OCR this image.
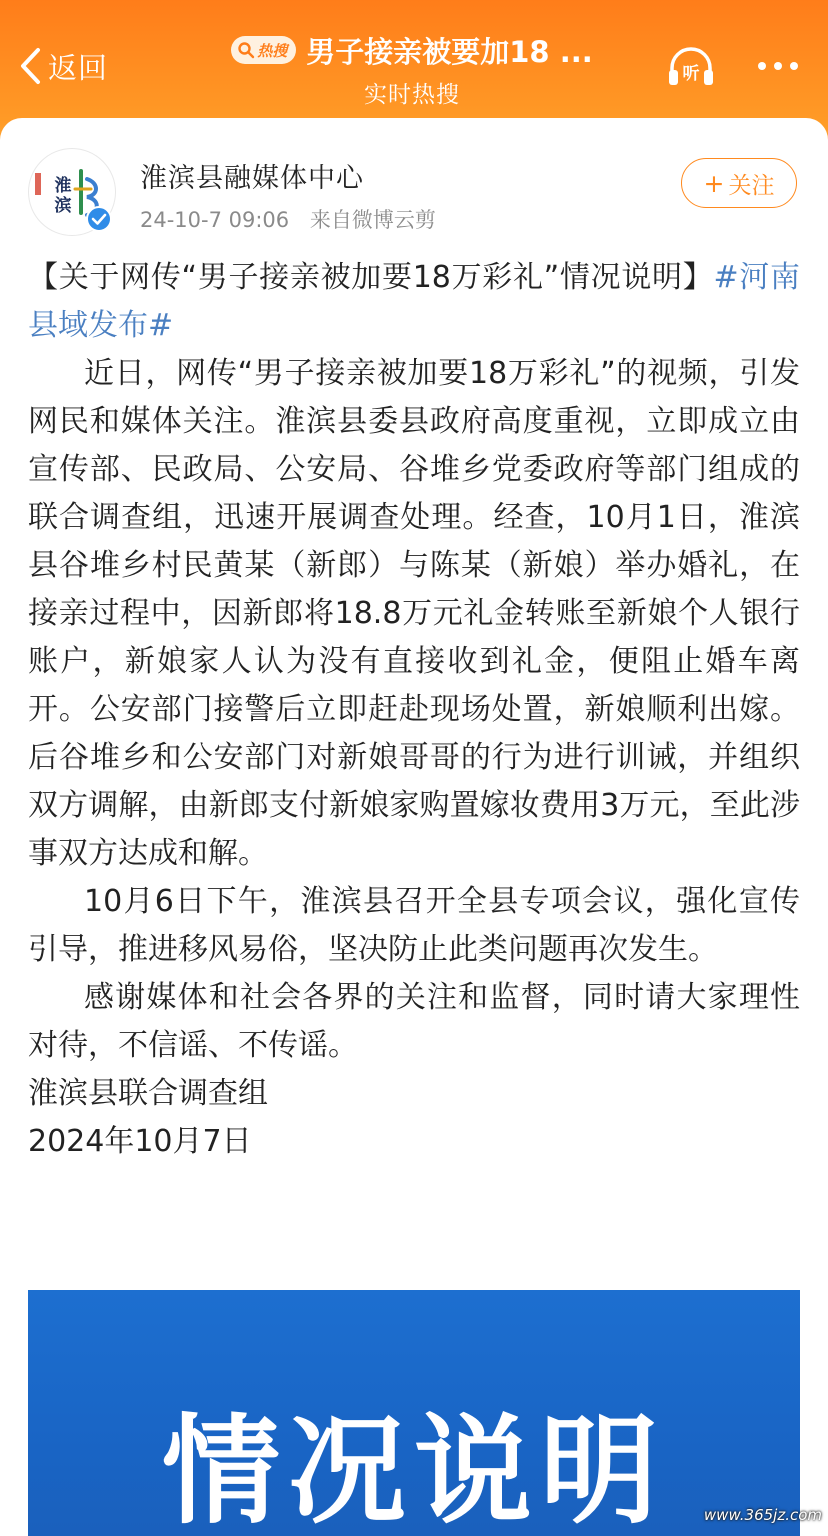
返回	热搜 男子接亲被要加18 ...
实时热搜
听
淮
滨
淮滨县融媒体中心
24-10-7 09:06 来自微博云剪
+ 关注

【关于网传“男子接亲被加要18万彩礼”情况说明】#河南县域发布#

近日，网传“男子接亲被加要18万彩礼”的视频，引发网民和媒体关注。淮滨县委县政府高度重视，立即成立由宣传部、民政局、公安局、谷堆乡党委政府等部门组成的联合调查组，迅速开展调查处理。经查，10月1日，淮滨县谷堆乡村民黄某（新郎）与陈某（新娘）举办婚礼，在接亲过程中，因新郎将18.8万元礼金转账至新娘个人银行账户，新娘家人认为没有直接收到礼金，便阻止婚车离开。公安部门接警后立即赶赴现场处置，新娘顺利出嫁。后谷堆乡和公安部门对新娘哥哥的行为进行训诫，并组织双方调解，由新郎支付新娘家购置嫁妆费用3万元，至此涉事双方达成和解。

10月6日下午，淮滨县召开全县专项会议，强化宣传引导，推进移风易俗，坚决防止此类问题再次发生。

感谢媒体和社会各界的关注和监督，同时请大家理性对待，不信谣、不传谣。

淮滨县联合调查组

2024年10月7日

情况说明	www.365jz.com
